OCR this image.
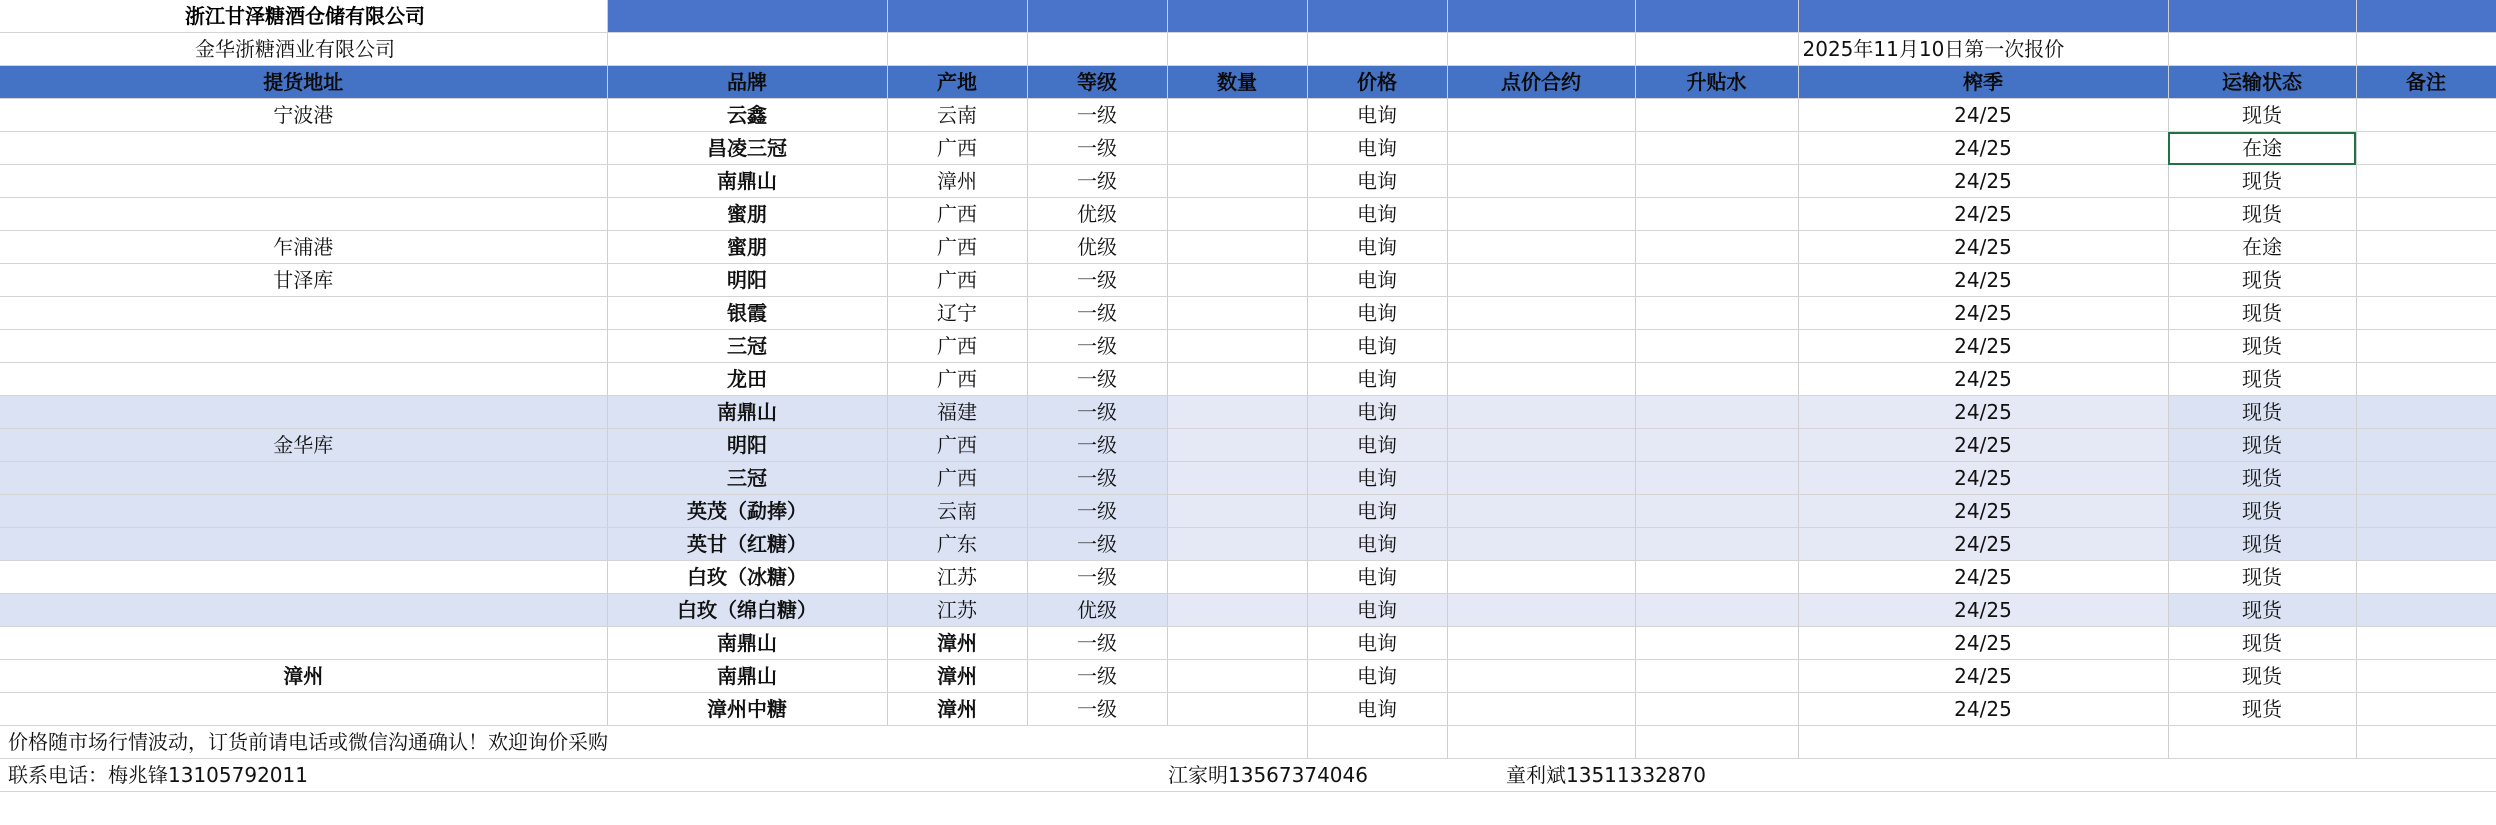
浙江甘泽糖酒仓储有限公司										
金华浙糖酒业有限公司								2025年11月10日第一次报价		
提货地址	品牌	产地	等级	数量	价格	点价合约	升贴水	榨季	运输状态	备注
宁波港	云鑫	云南	一级		电询			24/25	现货	
	昌凌三冠	广西	一级		电询			24/25	在途	
	南鼎山	漳州	一级		电询			24/25	现货	
	蜜朋	广西	优级		电询			24/25	现货	
乍浦港	蜜朋	广西	优级		电询			24/25	在途	
甘泽库	明阳	广西	一级		电询			24/25	现货	
	银霞	辽宁	一级		电询			24/25	现货	
	三冠	广西	一级		电询			24/25	现货	
	龙田	广西	一级		电询			24/25	现货	
	南鼎山	福建	一级		电询			24/25	现货	
金华库	明阳	广西	一级		电询			24/25	现货	
	三冠	广西	一级		电询			24/25	现货	
	英茂（勐捧）	云南	一级		电询			24/25	现货	
	英甘（红糖）	广东	一级		电询			24/25	现货	
	白玫（冰糖）	江苏	一级		电询			24/25	现货	
	白玫（绵白糖）	江苏	优级		电询			24/25	现货	
	南鼎山	漳州	一级		电询			24/25	现货	
漳州	南鼎山	漳州	一级		电询			24/25	现货	
	漳州中糖	漳州	一级		电询			24/25	现货	
价格随市场行情波动，订货前请电话或微信沟通确认！欢迎询价采购										

联系电话：梅兆锋13105792011 江家明13567374046 童利斌13511332870										
